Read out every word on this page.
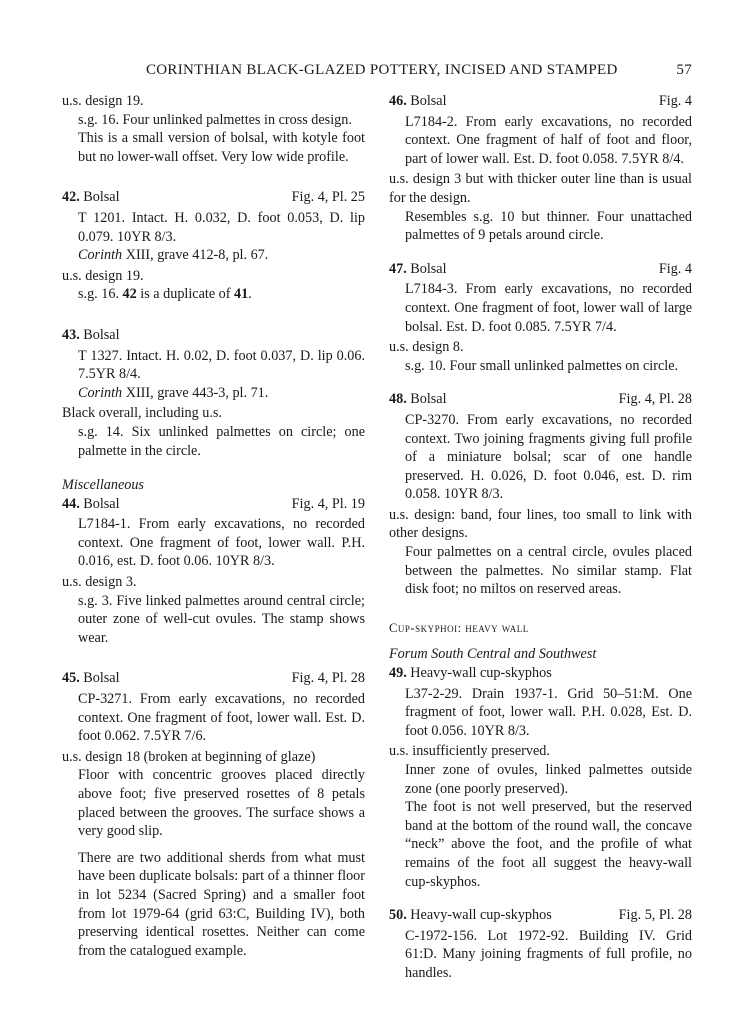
CORINTHIAN BLACK-GLAZED POTTERY, INCISED AND STAMPED	57

u.s. design 19.

s.g. 16. Four unlinked palmettes in cross design.

This is a small version of bolsal, with kotyle foot but no lower-wall offset. Very low wide profile.

42. Bolsal	Fig. 4, Pl. 25

T 1201. Intact. H. 0.032, D. foot 0.053, D. lip 0.079. 10YR 8/3.

Corinth XIII, grave 412-8, pl. 67.

u.s. design 19.

s.g. 16. 42 is a duplicate of 41.

43. Bolsal

T 1327. Intact. H. 0.02, D. foot 0.037, D. lip 0.06. 7.5YR 8/4.

Corinth XIII, grave 443-3, pl. 71.

Black overall, including u.s.

s.g. 14. Six unlinked palmettes on circle; one palmette in the circle.

Miscellaneous

44. Bolsal	Fig. 4, Pl. 19

L7184-1. From early excavations, no recorded context. One fragment of foot, lower wall. P.H. 0.016, est. D. foot 0.06. 10YR 8/3.

u.s. design 3.

s.g. 3. Five linked palmettes around central circle; outer zone of well-cut ovules. The stamp shows wear.

45. Bolsal	Fig. 4, Pl. 28

CP-3271. From early excavations, no recorded context. One fragment of foot, lower wall. Est. D. foot 0.062. 7.5YR 7/6.

u.s. design 18 (broken at beginning of glaze)

Floor with concentric grooves placed directly above foot; five preserved rosettes of 8 petals placed between the grooves. The surface shows a very good slip.

There are two additional sherds from what must have been duplicate bolsals: part of a thinner floor in lot 5234 (Sacred Spring) and a smaller foot from lot 1979-64 (grid 63:C, Building IV), both preserving identical rosettes. Neither can come from the catalogued example.

46. Bolsal	Fig. 4

L7184-2. From early excavations, no recorded context. One fragment of half of foot and floor, part of lower wall. Est. D. foot 0.058. 7.5YR 8/4.

u.s. design 3 but with thicker outer line than is usual for the design.

Resembles s.g. 10 but thinner. Four unattached palmettes of 9 petals around circle.

47. Bolsal	Fig. 4

L7184-3. From early excavations, no recorded context. One fragment of foot, lower wall of large bolsal. Est. D. foot 0.085. 7.5YR 7/4.

u.s. design 8.

s.g. 10. Four small unlinked palmettes on circle.

48. Bolsal	Fig. 4, Pl. 28

CP-3270. From early excavations, no recorded context. Two joining fragments giving full profile of a miniature bolsal; scar of one handle preserved. H. 0.026, D. foot 0.046, est. D. rim 0.058. 10YR 8/3.

u.s. design: band, four lines, too small to link with other designs.

Four palmettes on a central circle, ovules placed between the palmettes. No similar stamp. Flat disk foot; no miltos on reserved areas.

Cup-skyphoi: heavy wall

Forum South Central and Southwest

49. Heavy-wall cup-skyphos

L37-2-29. Drain 1937-1. Grid 50–51:M. One fragment of foot, lower wall. P.H. 0.028, Est. D. foot 0.056. 10YR 8/3.

u.s. insufficiently preserved.

Inner zone of ovules, linked palmettes outside zone (one poorly preserved).

The foot is not well preserved, but the reserved band at the bottom of the round wall, the concave “neck” above the foot, and the profile of what remains of the foot all suggest the heavy-wall cup-skyphos.

50. Heavy-wall cup-skyphos	Fig. 5, Pl. 28

C-1972-156. Lot 1972-92. Building IV. Grid 61:D. Many joining fragments of full profile, no handles.
